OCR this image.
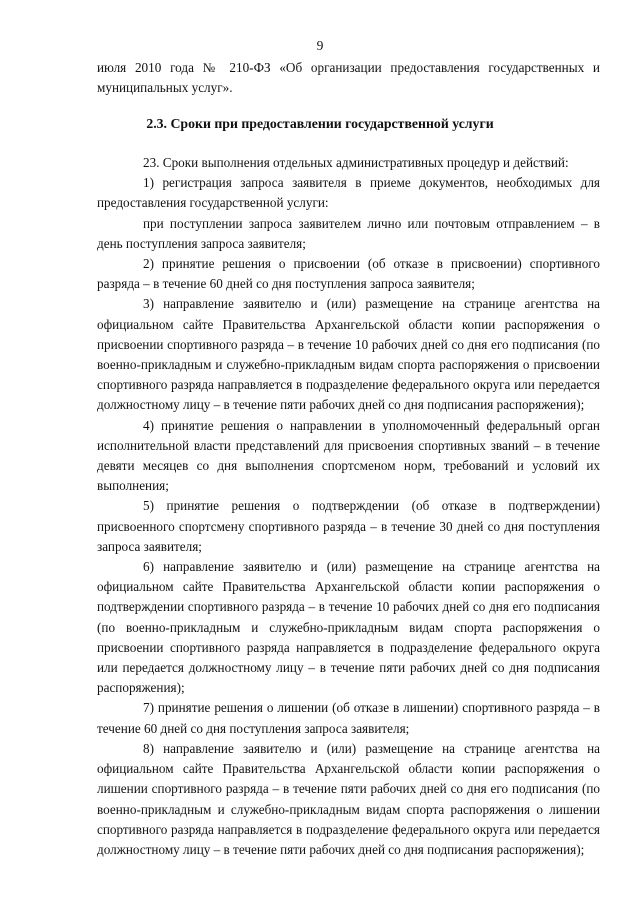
9

июля 2010 года № 210-ФЗ «Об организации предоставления государственных и муниципальных услуг».

2.3. Сроки при предоставлении государственной услуги

23. Сроки выполнения отдельных административных процедур и действий:

1) регистрация запроса заявителя в приеме документов, необходимых для предоставления государственной услуги:

при поступлении запроса заявителем лично или почтовым отправлением – в день поступления запроса заявителя;

2) принятие решения о присвоении (об отказе в присвоении) спортивного разряда – в течение 60 дней со дня поступления запроса заявителя;

3) направление заявителю и (или) размещение на странице агентства на официальном сайте Правительства Архангельской области копии распоряжения о присвоении спортивного разряда – в течение 10 рабочих дней со дня его подписания (по военно-прикладным и служебно-прикладным видам спорта распоряжения о присвоении спортивного разряда направляется в подразделение федерального округа или передается должностному лицу – в течение пяти рабочих дней со дня подписания распоряжения);

4) принятие решения о направлении в уполномоченный федеральный орган исполнительной власти представлений для присвоения спортивных званий – в течение девяти месяцев со дня выполнения спортсменом норм, требований и условий их выполнения;

5) принятие решения о подтверждении (об отказе в подтверждении) присвоенного спортсмену спортивного разряда – в течение 30 дней со дня поступления запроса заявителя;

6) направление заявителю и (или) размещение на странице агентства на официальном сайте Правительства Архангельской области копии распоряжения о подтверждении спортивного разряда – в течение 10 рабочих дней со дня его подписания (по военно-прикладным и служебно-прикладным видам спорта распоряжения о присвоении спортивного разряда направляется в подразделение федерального округа или передается должностному лицу – в течение пяти рабочих дней со дня подписания распоряжения);

7) принятие решения о лишении (об отказе в лишении) спортивного разряда – в течение 60 дней со дня поступления запроса заявителя;

8) направление заявителю и (или) размещение на странице агентства на официальном сайте Правительства Архангельской области копии распоряжения о лишении спортивного разряда – в течение пяти рабочих дней со дня его подписания (по военно-прикладным и служебно-прикладным видам спорта распоряжения о лишении спортивного разряда направляется в подразделение федерального округа или передается должностному лицу – в течение пяти рабочих дней со дня подписания распоряжения);
